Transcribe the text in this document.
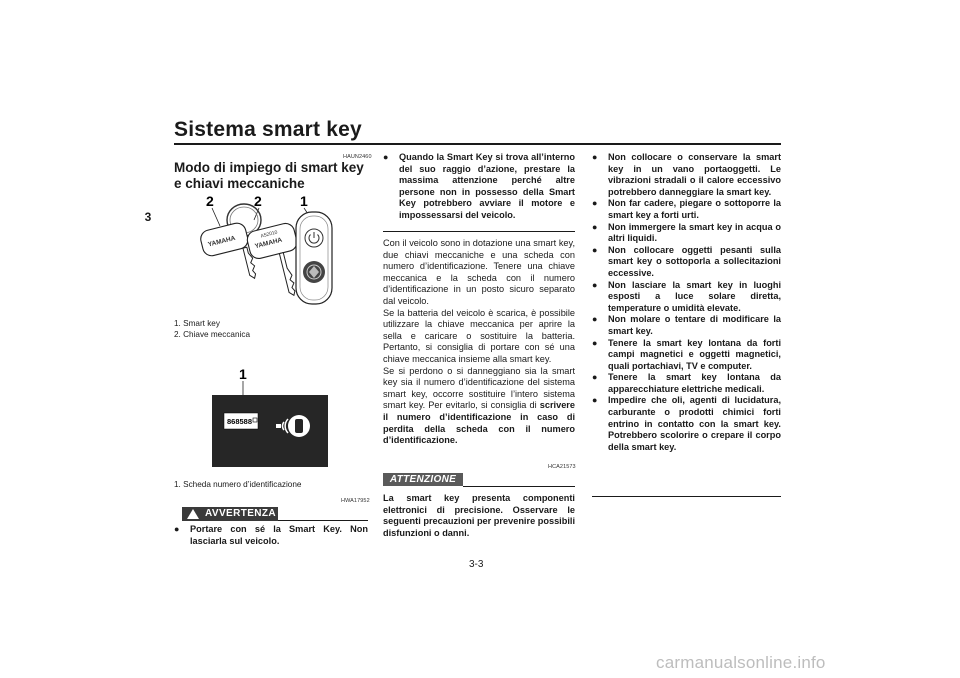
Sistema smart key
3
HAUN2460
Modo di impiego di smart key e chiavi meccaniche
2	2	1
YAMAHA	YAMAHA
A52010
1. Smart key
2. Chiave meccanica
1
868588
1. Scheda numero d’identificazione
HWA17952
AVVERTENZA
● Portare con sé la Smart Key. Non lasciarla sul veicolo.
● Quando la Smart Key si trova all’interno del suo raggio d’azione, prestare la massima attenzione perché altre persone non in possesso della Smart Key potrebbero avviare il motore e impossessarsi del veicolo.
Con il veicolo sono in dotazione una smart key, due chiavi meccaniche e una scheda con numero d’identificazione. Tenere una chiave meccanica e la scheda con il numero d’identificazione in un posto sicuro separato dal veicolo.
Se la batteria del veicolo è scarica, è possibile utilizzare la chiave meccanica per aprire la sella e caricare o sostituire la batteria. Pertanto, si consiglia di portare con sé una chiave meccanica insieme alla smart key.
Se si perdono o si danneggiano sia la smart key sia il numero d’identificazione del sistema smart key, occorre sostituire l’intero sistema smart key. Per evitarlo, si consiglia di scrivere il numero d’identificazione in caso di perdita della scheda con il numero d’identificazione.
HCA21573
ATTENZIONE
La smart key presenta componenti elettronici di precisione. Osservare le seguenti precauzioni per prevenire possibili disfunzioni o danni.
● Non collocare o conservare la smart key in un vano portaoggetti. Le vibrazioni stradali o il calore eccessivo potrebbero danneggiare la smart key.
● Non far cadere, piegare o sottoporre la smart key a forti urti.
● Non immergere la smart key in acqua o altri liquidi.
● Non collocare oggetti pesanti sulla smart key o sottoporla a sollecitazioni eccessive.
● Non lasciare la smart key in luoghi esposti a luce solare diretta, temperature o umidità elevate.
● Non molare o tentare di modificare la smart key.
● Tenere la smart key lontana da forti campi magnetici e oggetti magnetici, quali portachiavi, TV e computer.
● Tenere la smart key lontana da apparecchiature elettriche medicali.
● Impedire che oli, agenti di lucidatura, carburante o prodotti chimici forti entrino in contatto con la smart key. Potrebbero scolorire o crepare il corpo della smart key.
3-3
carmanualsonline.info
